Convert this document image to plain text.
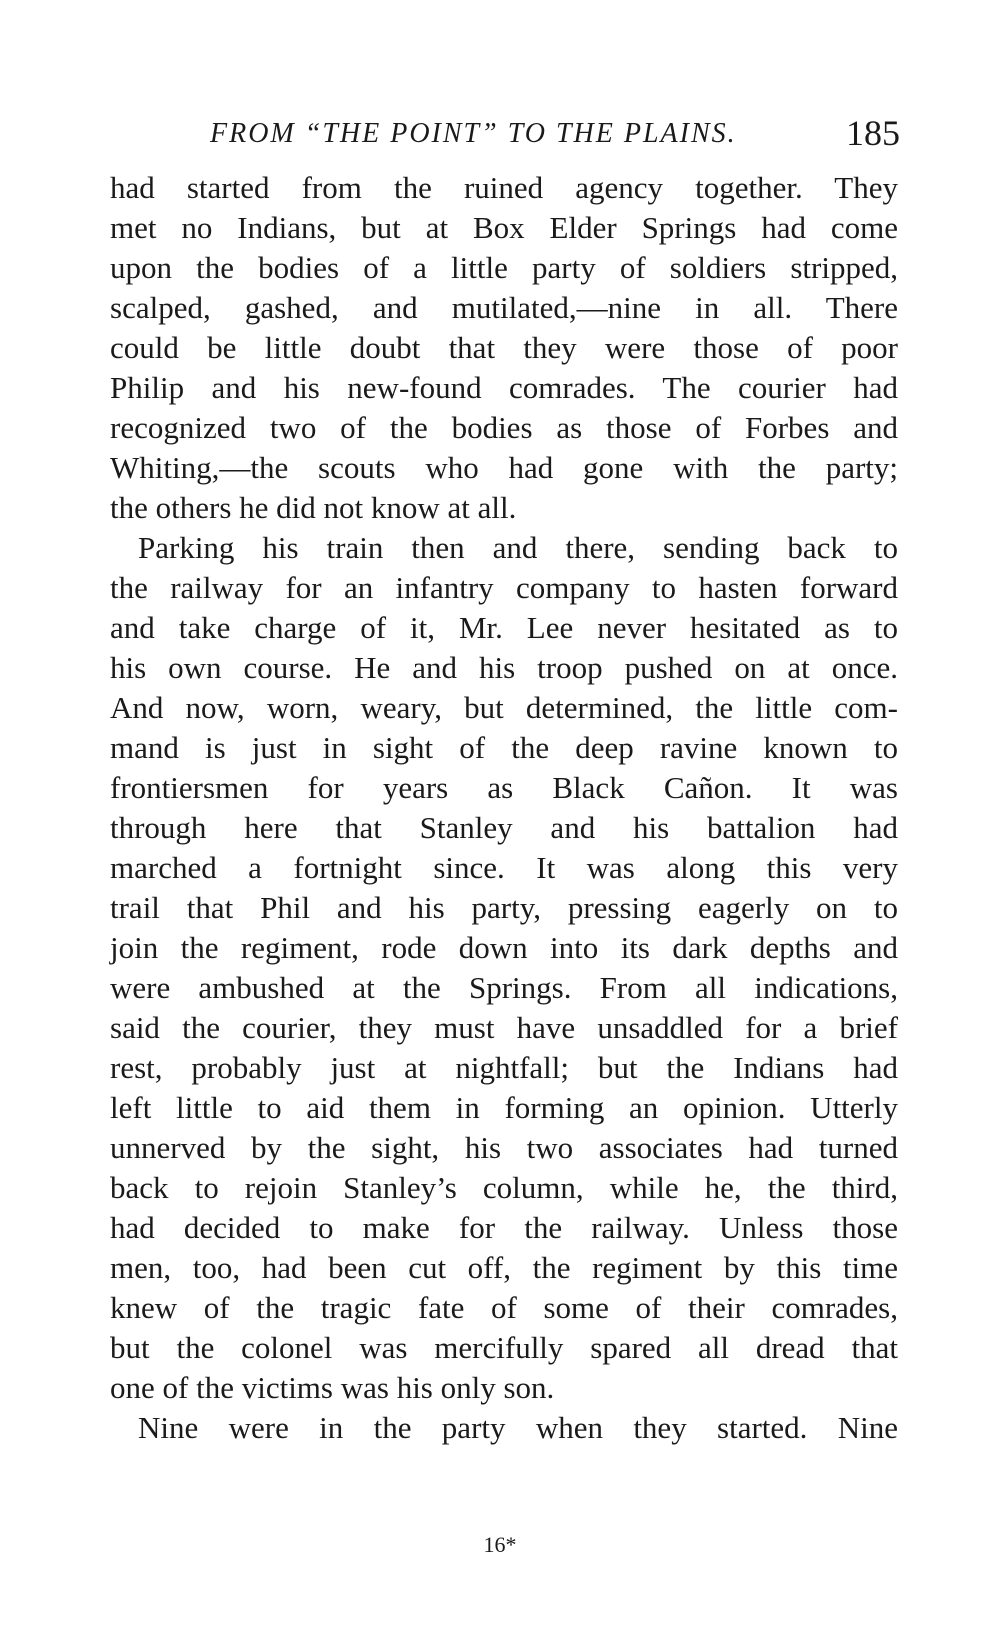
FROM “THE POINT” TO THE PLAINS.	185
had started from the ruined agency together. They
met no Indians, but at Box Elder Springs had come
upon the bodies of a little party of soldiers stripped,
scalped, gashed, and mutilated,—nine in all. There
could be little doubt that they were those of poor
Philip and his new-found comrades. The courier had
recognized two of the bodies as those of Forbes and
Whiting,—the scouts who had gone with the party;
the others he did not know at all.
Parking his train then and there, sending back to
the railway for an infantry company to hasten forward
and take charge of it, Mr. Lee never hesitated as to
his own course. He and his troop pushed on at once.
And now, worn, weary, but determined, the little com-
mand is just in sight of the deep ravine known to
frontiersmen for years as Black Cañon. It was
through here that Stanley and his battalion had
marched a fortnight since. It was along this very
trail that Phil and his party, pressing eagerly on to
join the regiment, rode down into its dark depths and
were ambushed at the Springs. From all indications,
said the courier, they must have unsaddled for a brief
rest, probably just at nightfall; but the Indians had
left little to aid them in forming an opinion. Utterly
unnerved by the sight, his two associates had turned
back to rejoin Stanley’s column, while he, the third,
had decided to make for the railway. Unless those
men, too, had been cut off, the regiment by this time
knew of the tragic fate of some of their comrades,
but the colonel was mercifully spared all dread that
one of the victims was his only son.
Nine were in the party when they started. Nine
16*
